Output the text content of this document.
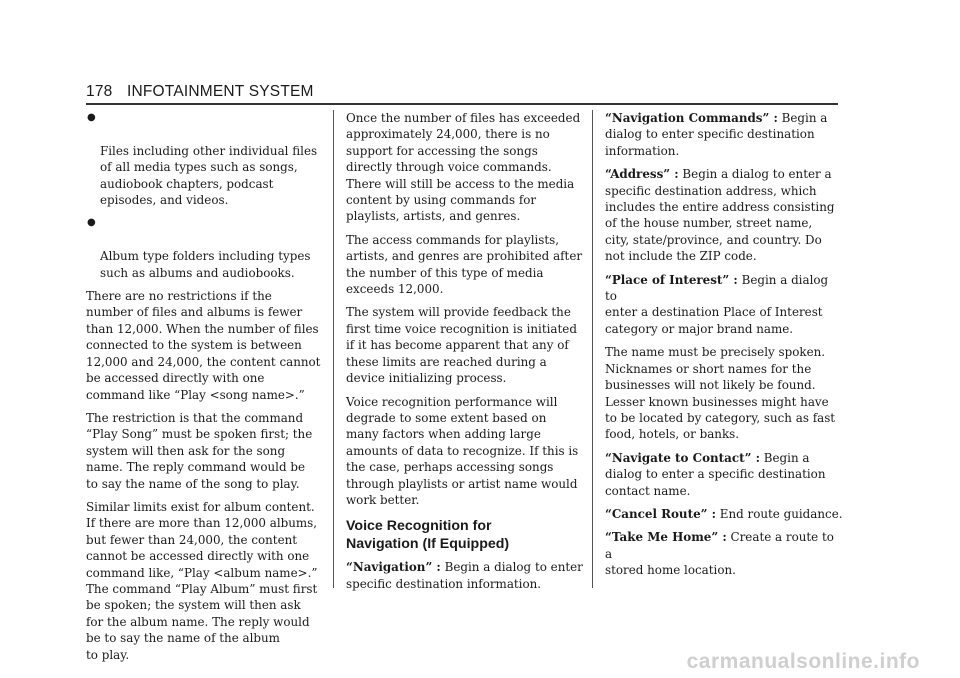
178 INFOTAINMENT SYSTEM

●

Files including other individual files
of all media types such as songs,
audiobook chapters, podcast
episodes, and videos.

●

Album type folders including types
such as albums and audiobooks.

There are no restrictions if the
number of files and albums is fewer
than 12,000. When the number of files
connected to the system is between
12,000 and 24,000, the content cannot
be accessed directly with one
command like “Play <song name>.”

The restriction is that the command
“Play Song” must be spoken first; the
system will then ask for the song
name. The reply command would be
to say the name of the song to play.

Similar limits exist for album content.
If there are more than 12,000 albums,
but fewer than 24,000, the content
cannot be accessed directly with one
command like, “Play <album name>.”
The command “Play Album” must first
be spoken; the system will then ask
for the album name. The reply would
be to say the name of the album
to play.

Once the number of files has exceeded
approximately 24,000, there is no
support for accessing the songs
directly through voice commands.
There will still be access to the media
content by using commands for
playlists, artists, and genres.

The access commands for playlists,
artists, and genres are prohibited after
the number of this type of media
exceeds 12,000.

The system will provide feedback the
first time voice recognition is initiated
if it has become apparent that any of
these limits are reached during a
device initializing process.

Voice recognition performance will
degrade to some extent based on
many factors when adding large
amounts of data to recognize. If this is
the case, perhaps accessing songs
through playlists or artist name would
work better.

Voice Recognition for
Navigation (If Equipped)

“Navigation” : Begin a dialog to enter
specific destination information.

“Navigation Commands” : Begin a
dialog to enter specific destination
information.

“Address” : Begin a dialog to enter a
specific destination address, which
includes the entire address consisting
of the house number, street name,
city, state/province, and country. Do
not include the ZIP code.

“Place of Interest” : Begin a dialog to
enter a destination Place of Interest
category or major brand name.

The name must be precisely spoken.
Nicknames or short names for the
businesses will not likely be found.
Lesser known businesses might have
to be located by category, such as fast
food, hotels, or banks.

“Navigate to Contact” : Begin a
dialog to enter a specific destination
contact name.

“Cancel Route” : End route guidance.

“Take Me Home” : Create a route to a
stored home location.

carmanualsonline.info
